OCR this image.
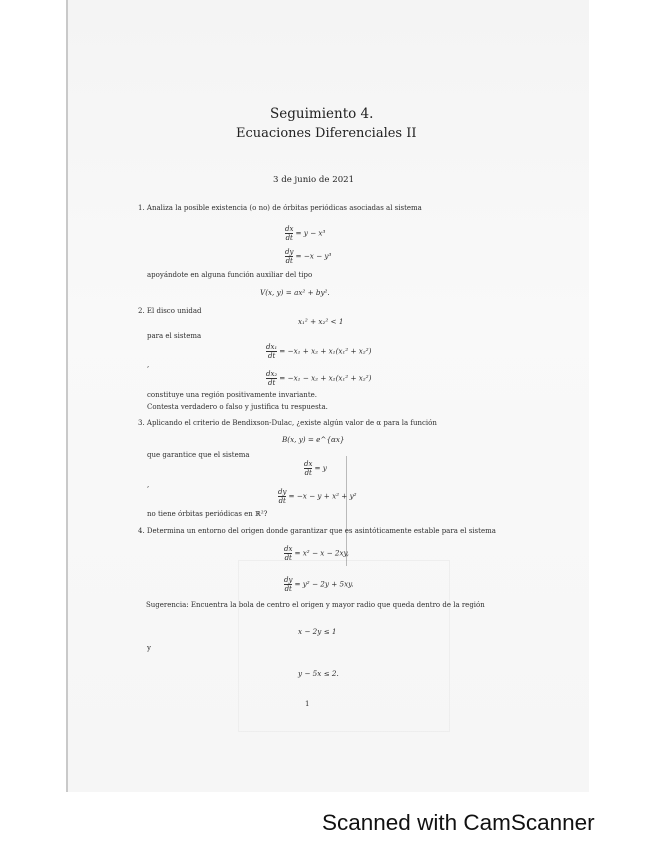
Seguimiento 4.
Ecuaciones Diferenciales II
3 de junio de 2021
1. Analiza la posible existencia (o no) de órbitas periódicas asociadas al sistema
$\frac{dx}{dt} = y - x^3$
$\frac{dy}{dt} = -x - y^3$
apoyándote en alguna función auxiliar del tipo
V(x, y) = ax² + by².
2. El disco unidad
x₁² + x₂² < 1
para el sistema
$\frac{\text{dx₁}}{dt} = -x_1 + x_2 + x_1(x_1^2 + x_2^2)$
,
$\frac{\text{dx₂}}{dt} = -x_1 - x_2 + x_2(x_1^2 + x_2^2)$
constituye una región positivamente invariante.
Contesta verdadero o falso y justifica tu respuesta.
3. Aplicando el criterio de Bendixson-Dulac, ¿existe algún valor de α para la función
B(x, y) = e^{αx}
que garantice que el sistema
$\frac{dx}{dt} = y$
,
$\frac{dy}{dt} = -x - y + x^2 + y^2$
no tiene órbitas periódicas en ℝ²?
4. Determina un entorno del origen donde garantizar que es asintóticamente estable para el sistema
$\frac{dx}{dt} = x^2 - x - 2xy$,
$\frac{dy}{dt} = y^2 - 2y + 5xy$.
Sugerencia: Encuentra la bola de centro el origen y mayor radio que queda dentro de la región
x − 2y ≤ 1
y
y − 5x ≤ 2.
1
Scanned with CamScanner
